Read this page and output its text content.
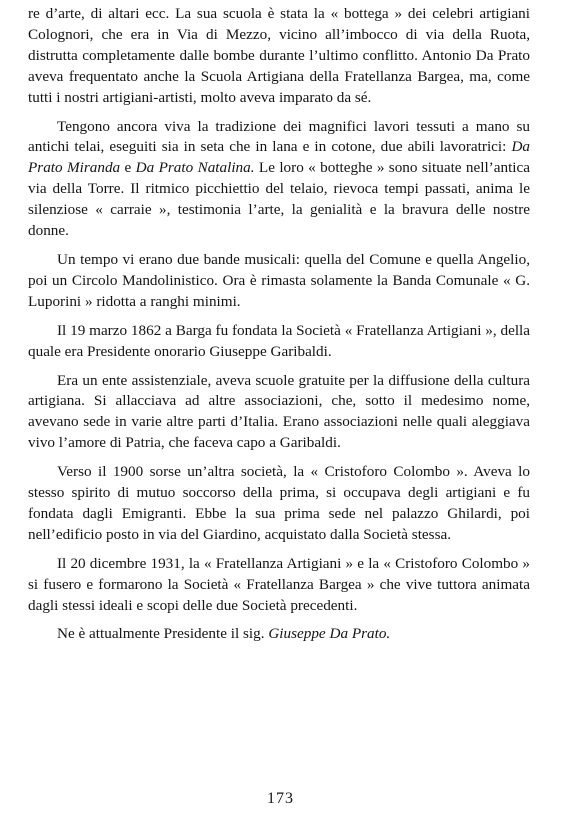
re d’arte, di altari ecc. La sua scuola è stata la « bottega » dei celebri artigiani Colognori, che era in Via di Mezzo, vicino all’imbocco di via della Ruota, distrutta completamente dalle bombe durante l’ultimo conflitto. Antonio Da Prato aveva frequentato anche la Scuola Artigiana della Fratellanza Bargea, ma, come tutti i nostri artigiani-artisti, molto aveva imparato da sé.

Tengono ancora viva la tradizione dei magnifici lavori tessuti a mano su antichi telai, eseguiti sia in seta che in lana e in cotone, due abili lavoratrici: Da Prato Miranda e Da Prato Natalina. Le loro « botteghe » sono situate nell’antica via della Torre. Il ritmico picchiettio del telaio, rievoca tempi passati, anima le silenziose « carraie », testimonia l’arte, la genialità e la bravura delle nostre donne.

Un tempo vi erano due bande musicali: quella del Comune e quella Angelio, poi un Circolo Mandolinistico. Ora è rimasta solamente la Banda Comunale « G. Luporini » ridotta a ranghi minimi.

Il 19 marzo 1862 a Barga fu fondata la Società « Fratellanza Artigiani », della quale era Presidente onorario Giuseppe Garibaldi.

Era un ente assistenziale, aveva scuole gratuite per la diffusione della cultura artigiana. Si allacciava ad altre associazioni, che, sotto il medesimo nome, avevano sede in varie altre parti d’Italia. Erano associazioni nelle quali aleggiava vivo l’amore di Patria, che faceva capo a Garibaldi.

Verso il 1900 sorse un’altra società, la « Cristoforo Colombo ». Aveva lo stesso spirito di mutuo soccorso della prima, si occupava degli artigiani e fu fondata dagli Emigranti. Ebbe la sua prima sede nel palazzo Ghilardi, poi nell’edificio posto in via del Giardino, acquistato dalla Società stessa.

Il 20 dicembre 1931, la « Fratellanza Artigiani » e la « Cristoforo Colombo » si fusero e formarono la Società « Fratellanza Bargea » che vive tuttora animata dagli stessi ideali e scopi delle due Società precedenti.

Ne è attualmente Presidente il sig. Giuseppe Da Prato.

173
